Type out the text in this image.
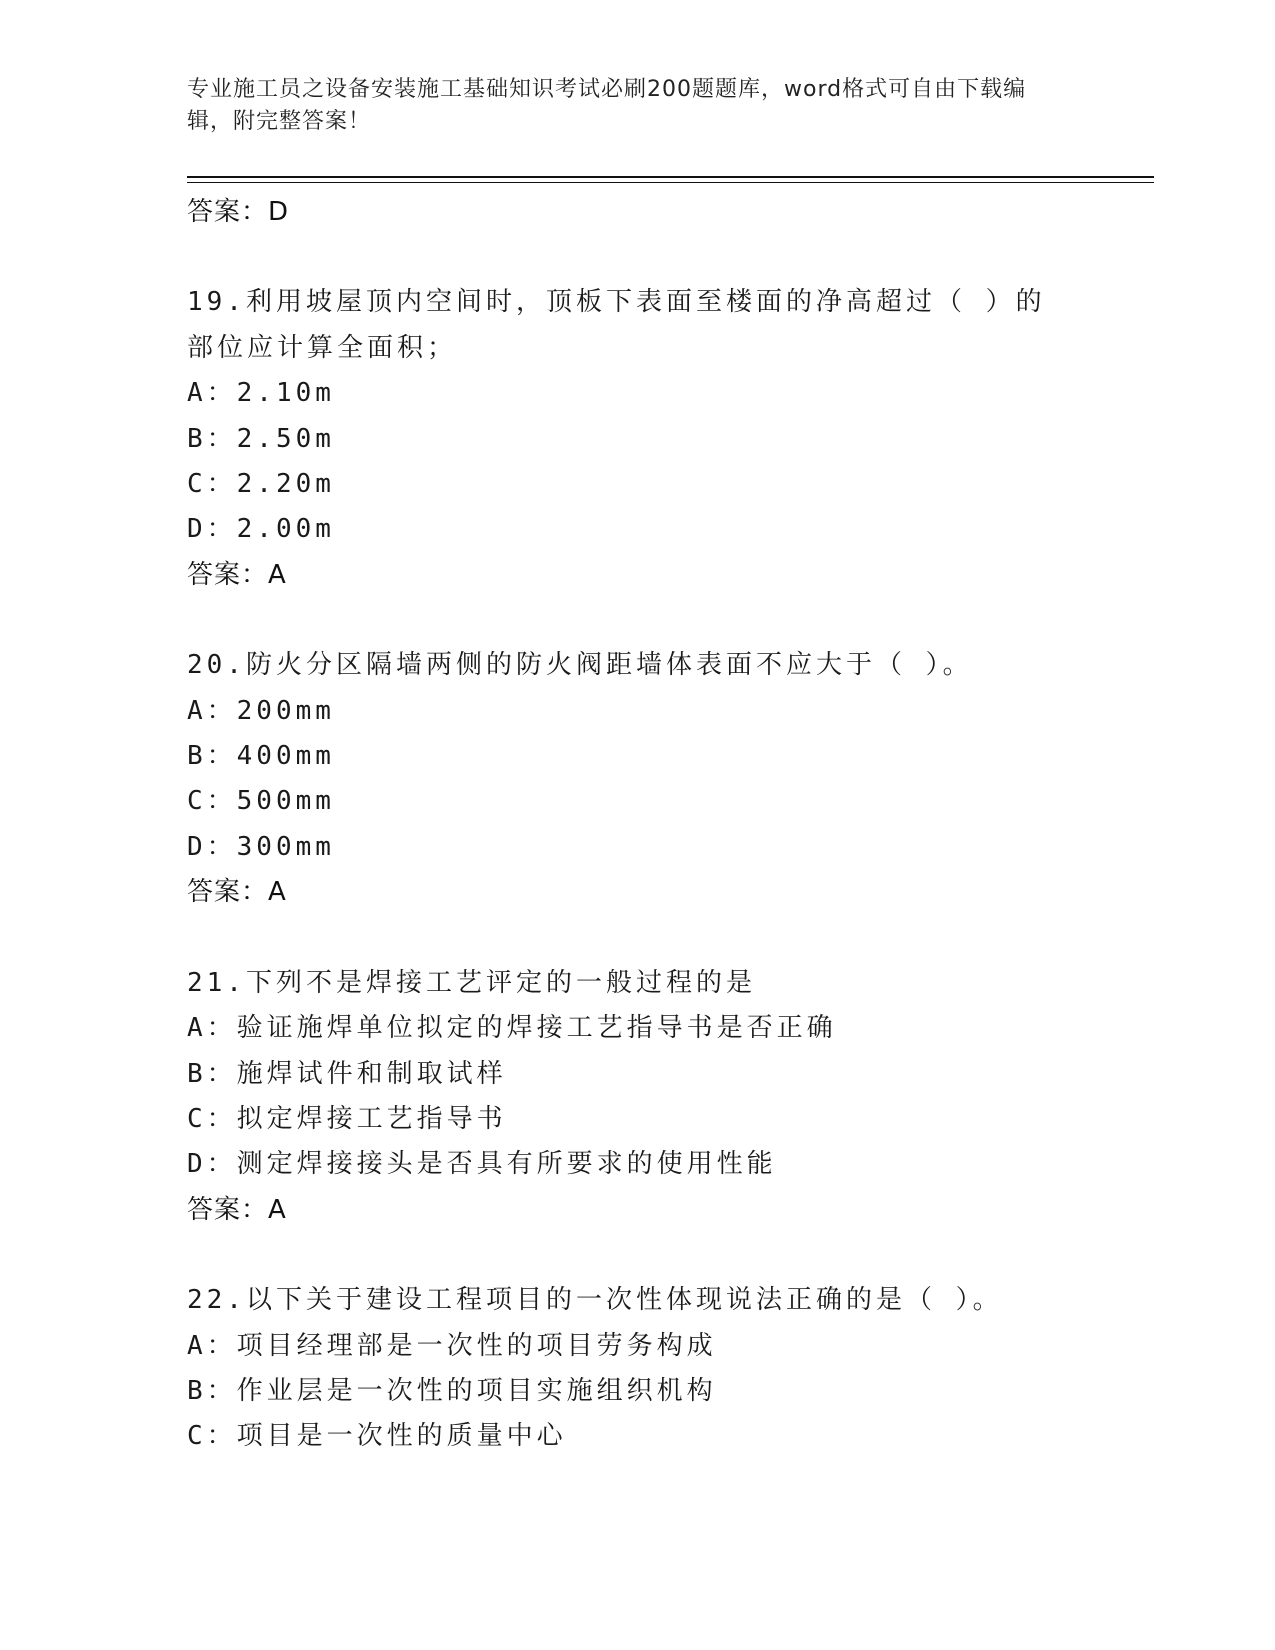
专业施工员之设备安装施工基础知识考试必刷200题题库，word格式可自由下载编辑，附完整答案！
答案：D
19.利用坡屋顶内空间时，顶板下表面至楼面的净高超过（ ）的部位应计算全面积；
A：2.10m
B：2.50m
C：2.20m
D：2.00m
答案：A
20.防火分区隔墙两侧的防火阀距墙体表面不应大于（ ）。
A：200mm
B：400mm
C：500mm
D：300mm
答案：A
21.下列不是焊接工艺评定的一般过程的是
A：验证施焊单位拟定的焊接工艺指导书是否正确
B：施焊试件和制取试样
C：拟定焊接工艺指导书
D：测定焊接接头是否具有所要求的使用性能
答案：A
22.以下关于建设工程项目的一次性体现说法正确的是（ ）。
A：项目经理部是一次性的项目劳务构成
B：作业层是一次性的项目实施组织机构
C：项目是一次性的质量中心
